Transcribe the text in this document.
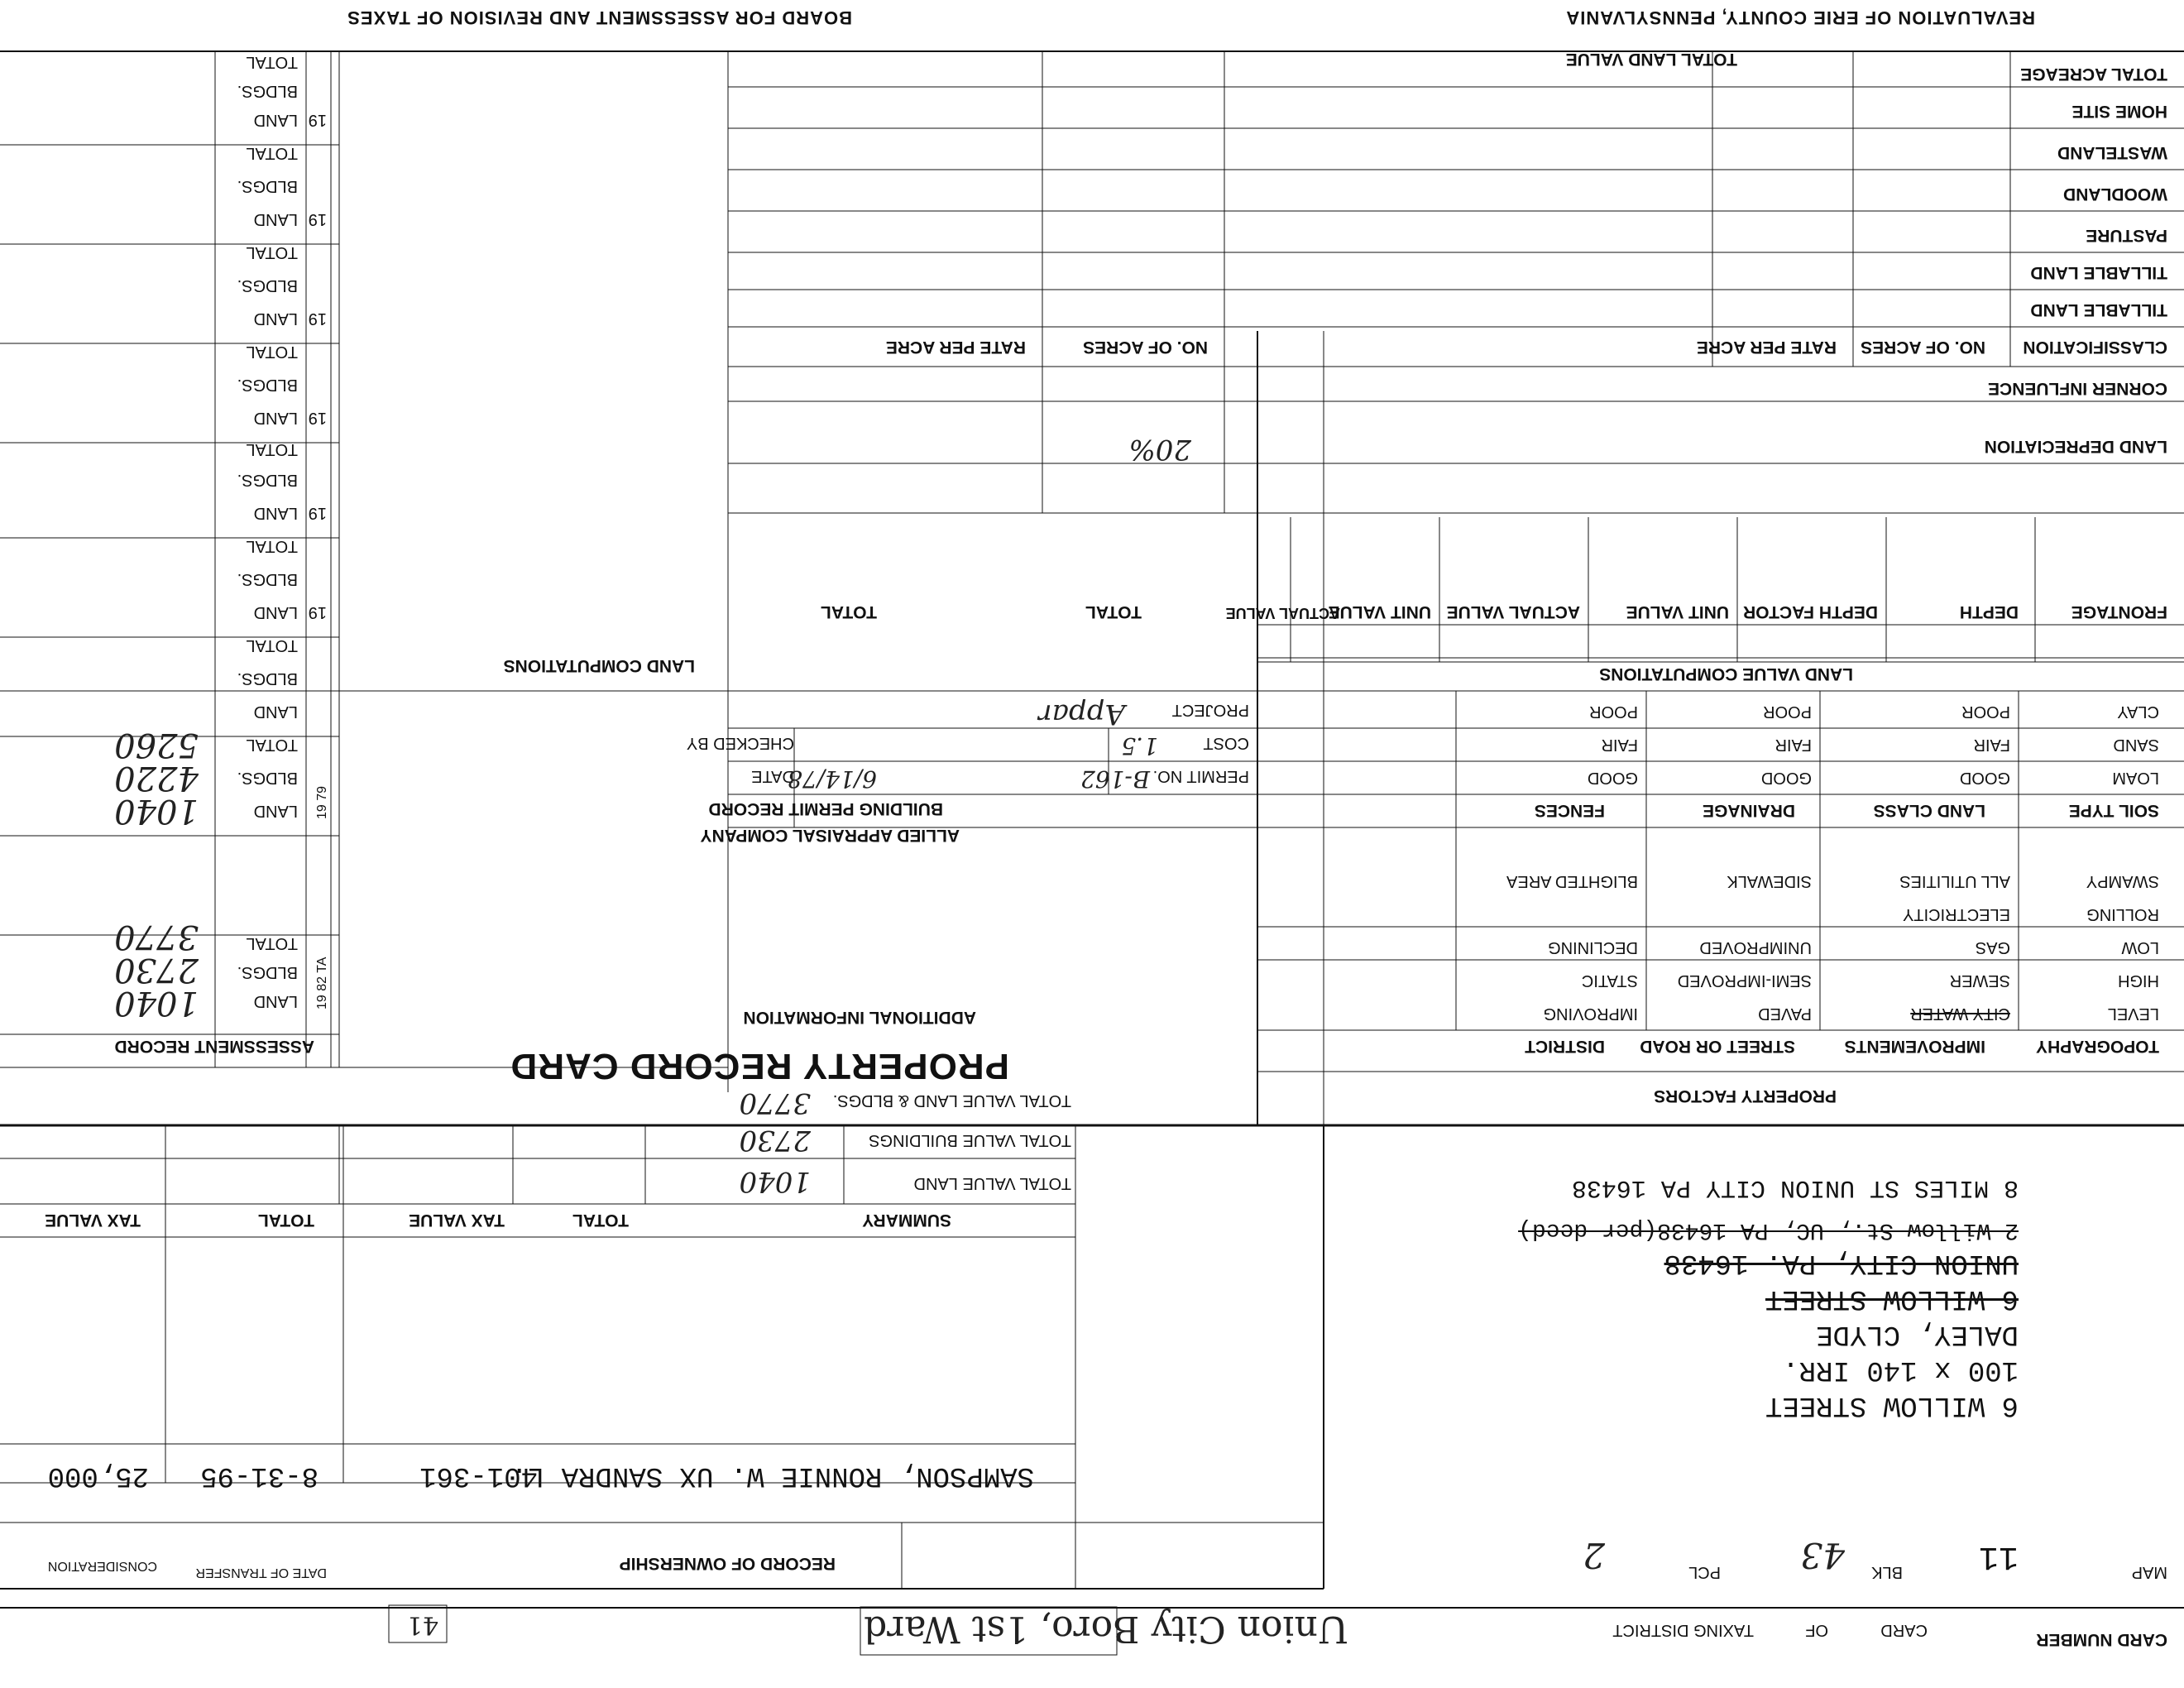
REVALUATION OF ERIE COUNTY, PENNSYLVANIA
BOARD FOR ASSESSMENT AND REVISION OF TAXES
CARD NUMBER
TAXING DISTRICT	CARD
OF
Union City Boro, 1st Ward
41
MAP
11
BLK
43
PCL
2
RECORD OF OWNERSHIP
DATE OF TRANSFER
CONSIDERATION
SAMPSON, RONNIE W. UX SANDRA L.
401-361
8-31-95
25,000
6 WILLOW STREET
100 x 140 IRR.
DALEY, CLYDE
6 WILLOW STREET
UNION CITY, PA. 16438
2 Willow St., UC, PA 16438(per deed)
8 MILES ST UNION CITY PA 16438
SUMMARY
TOTAL
TAX VALUE
TOTAL
TAX VALUE
TOTAL VALUE LAND
1040
TOTAL VALUE BUILDINGS
2730
TOTAL VALUE LAND & BLDGS.
3770	PROPERTY FACTORS
TOPOGRAPHY
IMPROVEMENTS
STREET OR ROAD
DISTRICT
LEVEL
HIGH
LOW
ROLLING
SWAMPY
CITY WATER
SEWER
GAS
ELECTRICITY
ALL UTILITIES
PAVED
SEMI-IMPROVED
UNIMPROVED
SIDEWALK
IMPROVING
STATIC
DECLINING
BLIGHTED AREA
SOIL TYPE
LAND CLASS
DRAINAGE
FENCES
LOAM
SAND
CLAY
GOOD
FAIR
POOR
GOOD
FAIR
POOR
GOOD
FAIR
POOR
LAND VALUE COMPUTATIONS
FRONTAGE
DEPTH
DEPTH FACTOR
UNIT VALUE
ACTUAL VALUE
UNIT VALUE
ACTUAL VALUE
TOTAL
TOTAL
CLASSIFICATION
NO. OF ACRES
RATE PER ACRE
NO. OF ACRES
RATE PER ACRE
CORNER INFLUENCE
LAND DEPRECIATION
20%
TILLABLE LAND
TILLABLE LAND
PASTURE
WOODLAND
WASTELAND
HOME SITE
TOTAL ACREAGE
TOTAL LAND VALUE
PROPERTY RECORD CARD
ADDITIONAL INFORMATION
ALLIED APPRAISAL COMPANY
BUILDING PERMIT RECORD
PERMIT NO.
B-162
DATE
6/14/78
COST
1.5
CHECKED BY
PROJECT
Appar
LAND COMPUTATIONS
ASSESSMENT RECORD
LAND
BLDGS.
TOTAL
1040
2730
3770
19 82 TA
LAND
BLDGS.
TOTAL
1040
4220
5260
19 79
LAND
BLDGS.
TOTAL
LAND
BLDGS.
TOTAL
LAND
BLDGS.
TOTAL
LAND
BLDGS.
TOTAL
LAND
BLDGS.
TOTAL
LAND
BLDGS.
TOTAL
LAND
BLDGS.
TOTAL
19
19
19
19
19
19
